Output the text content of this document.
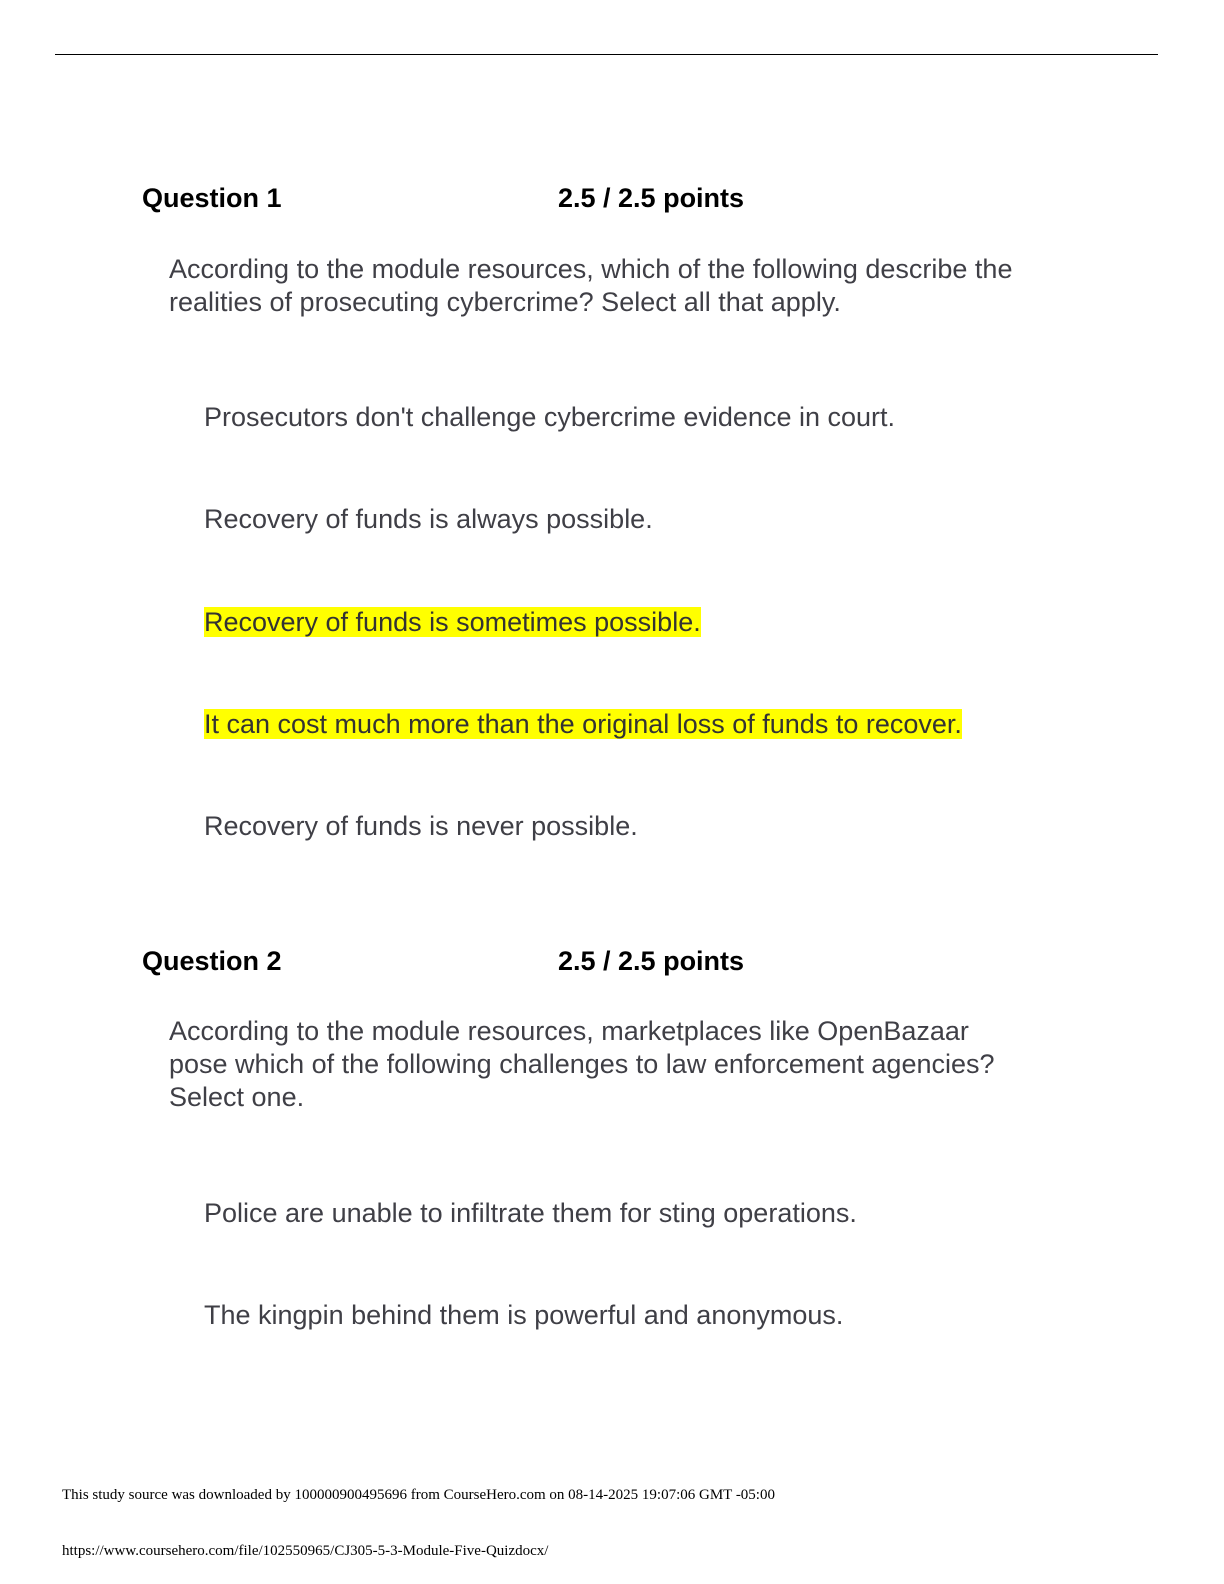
Question 1	2.5 / 2.5 points
According to the module resources, which of the following describe the
realities of prosecuting cybercrime? Select all that apply.
Prosecutors don't challenge cybercrime evidence in court.
Recovery of funds is always possible.
Recovery of funds is sometimes possible.
It can cost much more than the original loss of funds to recover.
Recovery of funds is never possible.
Question 2	2.5 / 2.5 points
According to the module resources, marketplaces like OpenBazaar
pose which of the following challenges to law enforcement agencies?
Select one.
Police are unable to infiltrate them for sting operations.
The kingpin behind them is powerful and anonymous.
This study source was downloaded by 100000900495696 from CourseHero.com on 08-14-2025 19:07:06 GMT -05:00
https://www.coursehero.com/file/102550965/CJ305-5-3-Module-Five-Quizdocx/
